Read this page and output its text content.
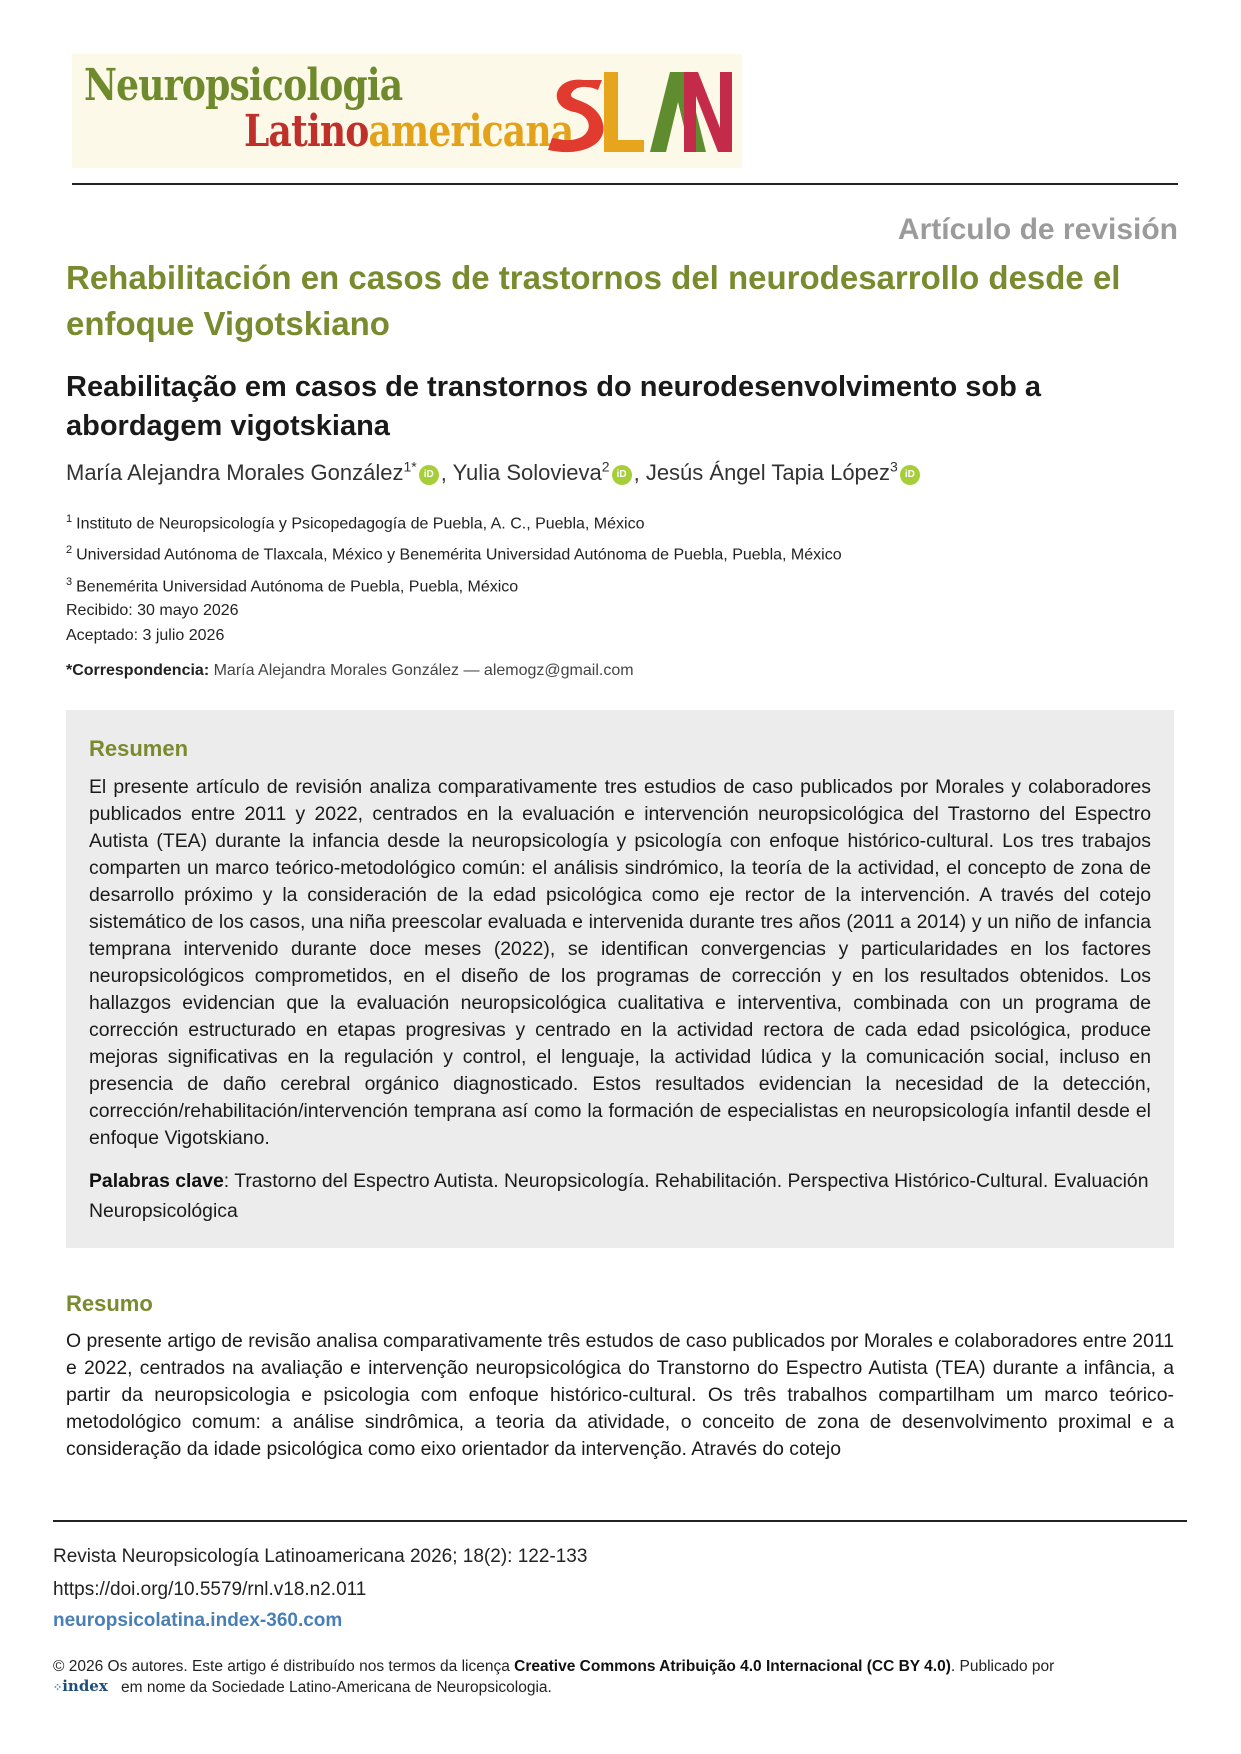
Neuropsicologia
Latinoamericana
Artículo de revisión
Rehabilitación en casos de trastornos del neurodesarrollo desde el enfoque Vigotskiano
Reabilitação em casos de transtornos do neurodesenvolvimento sob a abordagem vigotskiana
María Alejandra Morales González$^{1*}$ iD , Yulia Solovieva$^2$ iD , Jesús Ángel Tapia López$^3$ iD
$^1$ Instituto de Neuropsicología y Psicopedagogía de Puebla, A. C., Puebla, México
$^2$ Universidad Autónoma de Tlaxcala, México y Benemérita Universidad Autónoma de Puebla, Puebla, México
$^3$ Benemérita Universidad Autónoma de Puebla, Puebla, México
Recibido: 30 mayo 2026
Aceptado: 3 julio 2026
*Correspondencia: María Alejandra Morales González — alemogz@gmail.com
Resumen
El presente artículo de revisión analiza comparativamente tres estudios de caso publicados por Morales y colaboradores publicados entre 2011 y 2022, centrados en la evaluación e intervención neuropsicológica del Trastorno del Espectro Autista (TEA) durante la infancia desde la neuropsicología y psicología con enfoque histórico-cultural. Los tres trabajos comparten un marco teórico-metodológico común: el análisis sindrómico, la teoría de la actividad, el concepto de zona de desarrollo próximo y la consideración de la edad psicológica como eje rector de la intervención. A través del cotejo sistemático de los casos, una niña preescolar evaluada e intervenida durante tres años (2011 a 2014) y un niño de infancia temprana intervenido durante doce meses (2022), se identifican convergencias y particularidades en los factores neuropsicológicos comprometidos, en el diseño de los programas de corrección y en los resultados obtenidos. Los hallazgos evidencian que la evaluación neuropsicológica cualitativa e interventiva, combinada con un programa de corrección estructurado en etapas progresivas y centrado en la actividad rectora de cada edad psicológica, produce mejoras significativas en la regulación y control, el lenguaje, la actividad lúdica y la comunicación social, incluso en presencia de daño cerebral orgánico diagnosticado. Estos resultados evidencian la necesidad de la detección, corrección/rehabilitación/intervención temprana así como la formación de especialistas en neuropsicología infantil desde el enfoque Vigotskiano.
Palabras clave: Trastorno del Espectro Autista. Neuropsicología. Rehabilitación. Perspectiva Histórico-Cultural. Evaluación Neuropsicológica
Resumo
O presente artigo de revisão analisa comparativamente três estudos de caso publicados por Morales e colaboradores entre 2011 e 2022, centrados na avaliação e intervenção neuropsicológica do Transtorno do Espectro Autista (TEA) durante a infância, a partir da neuropsicologia e psicologia com enfoque histórico-cultural. Os três trabalhos compartilham um marco teórico-metodológico comum: a análise sindrômica, a teoria da atividade, o conceito de zona de desenvolvimento proximal e a consideração da idade psicológica como eixo orientador da intervenção. Através do cotejo
Revista Neuropsicología Latinoamericana 2026; 18(2): 122-133
https://doi.org/10.5579/rnl.v18.n2.011
neuropsicolatina.index-360.com
© 2026 Os autores. Este artigo é distribuído nos termos da licença Creative Commons Atribuição 4.0 Internacional (CC BY 4.0). Publicado por
⁘index em nome da Sociedade Latino-Americana de Neuropsicologia.
